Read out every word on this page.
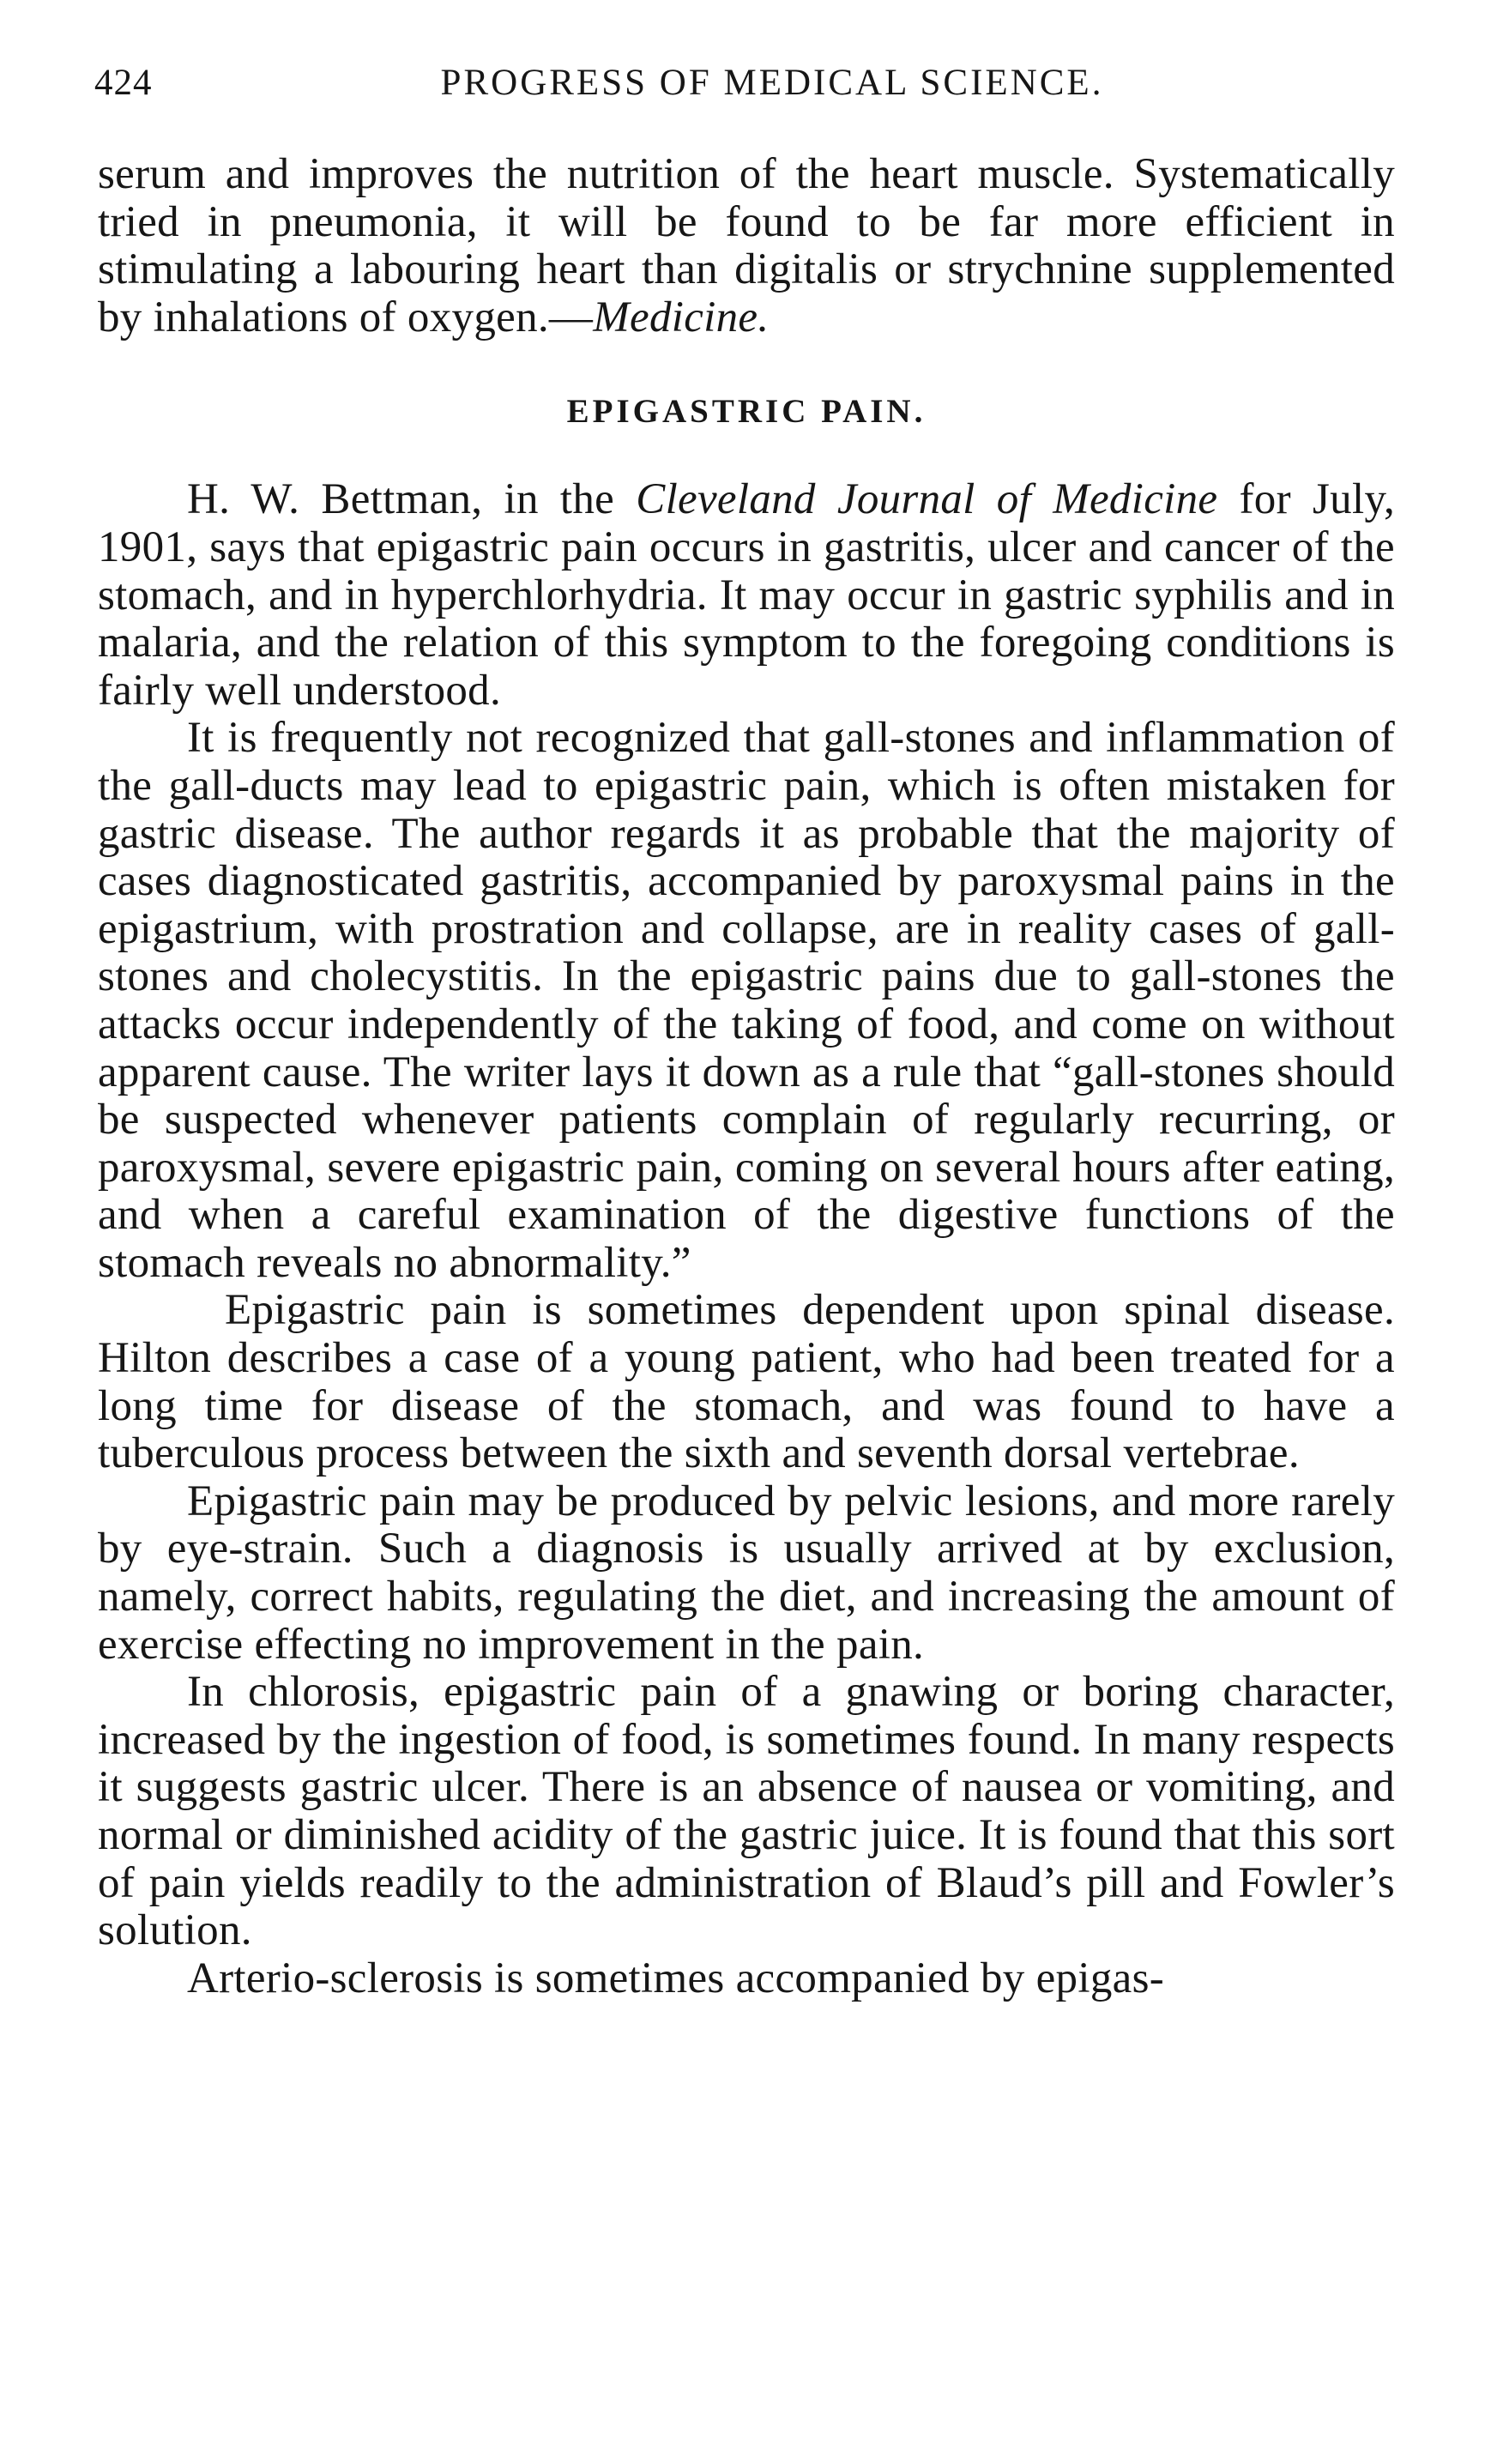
424	PROGRESS OF MEDICAL SCIENCE.

serum and improves the nutrition of the heart muscle. Systematically tried in pneumonia, it will be found to be far more efficient in stimulating a labouring heart than digitalis or strychnine supplemented by inhalations of oxygen.—Medicine.

EPIGASTRIC PAIN.

H. W. Bettman, in the Cleveland Journal of Medicine for July, 1901, says that epigastric pain occurs in gastritis, ulcer and cancer of the stomach, and in hyperchlorhydria. It may occur in gastric syphilis and in malaria, and the relation of this symptom to the foregoing conditions is fairly well understood.

It is frequently not recognized that gall-stones and inflammation of the gall-ducts may lead to epigastric pain, which is often mistaken for gastric disease. The author regards it as probable that the majority of cases diagnosticated gastritis, accompanied by paroxysmal pains in the epigastrium, with prostration and collapse, are in reality cases of gall-stones and cholecystitis. In the epigastric pains due to gall-stones the attacks occur independently of the taking of food, and come on without apparent cause. The writer lays it down as a rule that “gall-stones should be suspected whenever patients complain of regularly recurring, or paroxysmal, severe epigastric pain, coming on several hours after eating, and when a careful examination of the digestive functions of the stomach reveals no abnormality.”

Epigastric pain is sometimes dependent upon spinal disease. Hilton describes a case of a young patient, who had been treated for a long time for disease of the stomach, and was found to have a tuberculous process between the sixth and seventh dorsal vertebrae.

Epigastric pain may be produced by pelvic lesions, and more rarely by eye-strain. Such a diagnosis is usually arrived at by exclusion, namely, correct habits, regulating the diet, and increasing the amount of exercise effecting no improvement in the pain.

In chlorosis, epigastric pain of a gnawing or boring character, increased by the ingestion of food, is sometimes found. In many respects it suggests gastric ulcer. There is an absence of nausea or vomiting, and normal or diminished acidity of the gastric juice. It is found that this sort of pain yields readily to the administration of Blaud’s pill and Fowler’s solution.

Arterio-sclerosis is sometimes accompanied by epigas-
